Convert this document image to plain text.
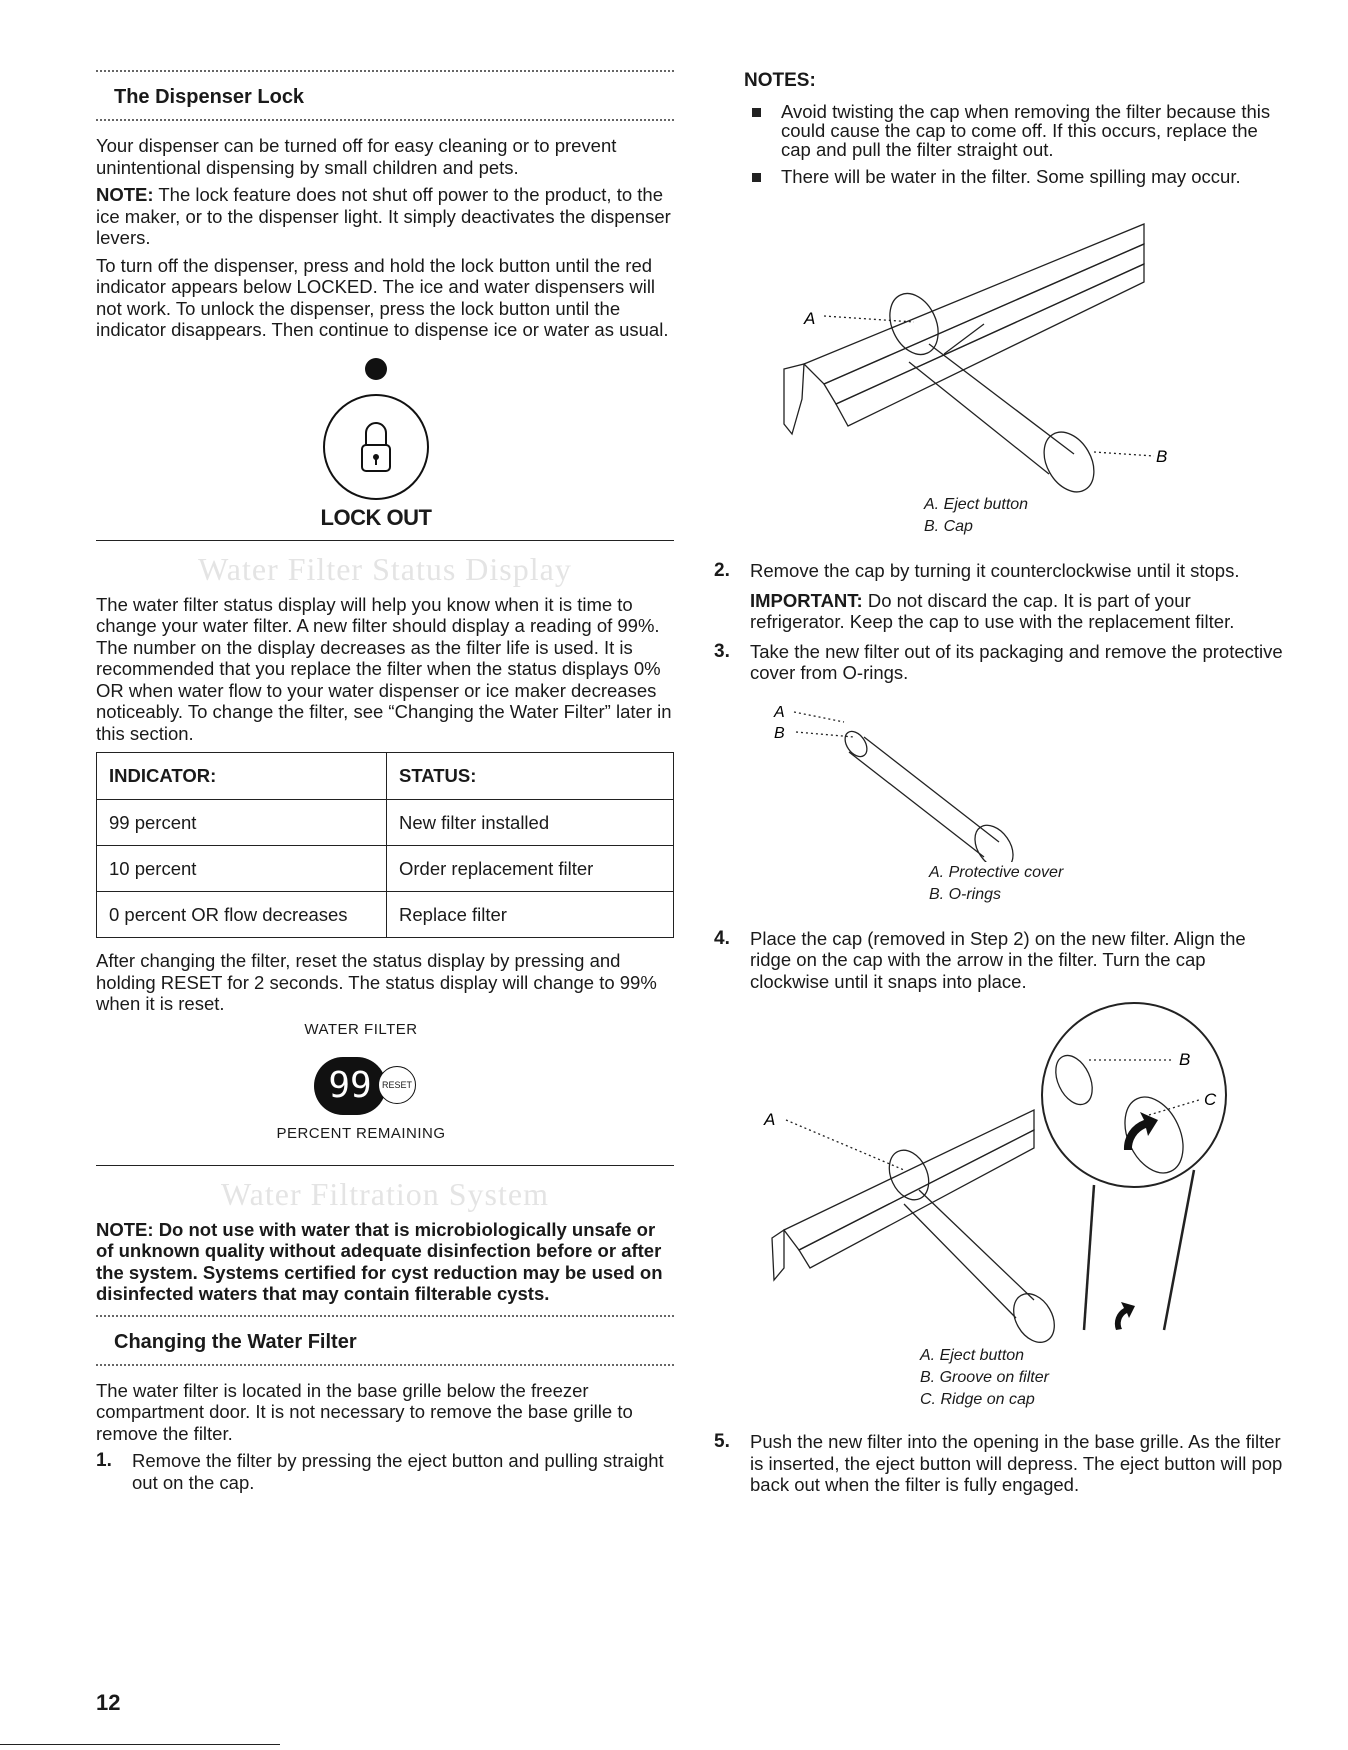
The Dispenser Lock

Your dispenser can be turned off for easy cleaning or to prevent unintentional dispensing by small children and pets.

NOTE: The lock feature does not shut off power to the product, to the ice maker, or to the dispenser light. It simply deactivates the dispenser levers.

To turn off the dispenser, press and hold the lock button until the red indicator appears below LOCKED. The ice and water dispensers will not work. To unlock the dispenser, press the lock button until the indicator disappears. Then continue to dispense ice or water as usual.

LOCK OUT
Water Filter Status Display

The water filter status display will help you know when it is time to change your water filter. A new filter should display a reading of 99%. The number on the display decreases as the filter life is used. It is recommended that you replace the filter when the status displays 0% OR when water flow to your water dispenser or ice maker decreases noticeably. To change the filter, see “Changing the Water Filter” later in this section.

INDICATOR:	STATUS:
99 percent	New filter installed
10 percent	Order replacement filter
0 percent OR flow decreases	Replace filter

After changing the filter, reset the status display by pressing and holding RESET for 2 seconds. The status display will change to 99% when it is reset.

WATER FILTER
99	RESET
PERCENT REMAINING
Water Filtration System

NOTE: Do not use with water that is microbiologically unsafe or of unknown quality without adequate disinfection before or after the system. Systems certified for cyst reduction may be used on disinfected waters that may contain filterable cysts.

Changing the Water Filter

The water filter is located in the base grille below the freezer compartment door. It is not necessary to remove the base grille to remove the filter.

1.	Remove the filter by pressing the eject button and pulling straight out on the cap.
NOTES:
Avoid twisting the cap when removing the filter because this could cause the cap to come off. If this occurs, replace the cap and pull the filter straight out.
There will be water in the filter. Some spilling may occur.
A
B
A. Eject button
B. Cap
2.	Remove the cap by turning it counterclockwise until it stops.
IMPORTANT: Do not discard the cap. It is part of your refrigerator. Keep the cap to use with the replacement filter.
3.	Take the new filter out of its packaging and remove the protective cover from O-rings.
A
B
A. Protective cover
B. O-rings
4.	Place the cap (removed in Step 2) on the new filter. Align the ridge on the cap with the arrow in the filter. Turn the cap clockwise until it snaps into place.
A
B
C
A. Eject button
B. Groove on filter
C. Ridge on cap
5.	Push the new filter into the opening in the base grille. As the filter is inserted, the eject button will depress. The eject button will pop back out when the filter is fully engaged.
12
